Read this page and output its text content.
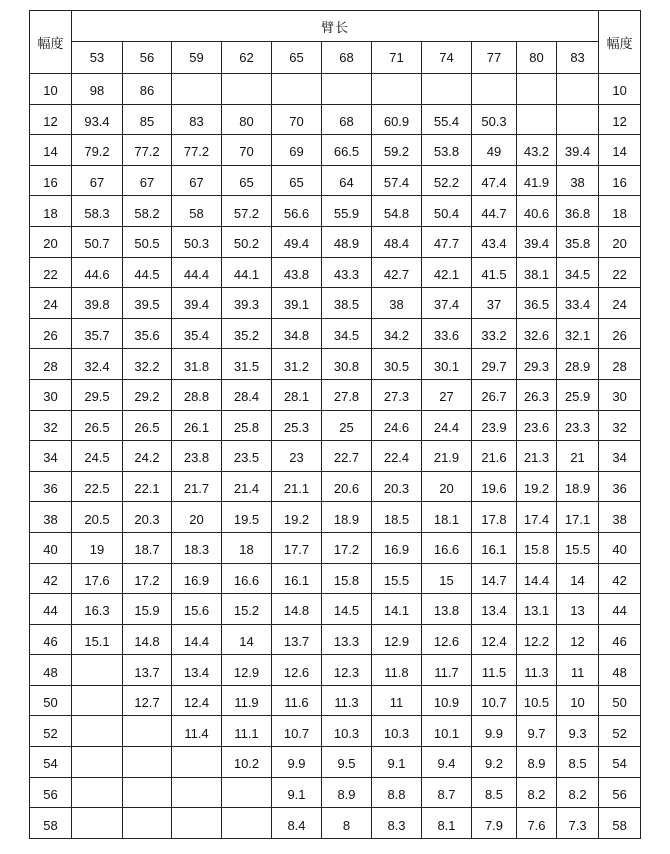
幅度	臂长											幅度
	53	56	59	62	65	68	71	74	77	80	83	
10	98	86										10
12	93.4	85	83	80	70	68	60.9	55.4	50.3			12
14	79.2	77.2	77.2	70	69	66.5	59.2	53.8	49	43.2	39.4	14
16	67	67	67	65	65	64	57.4	52.2	47.4	41.9	38	16
18	58.3	58.2	58	57.2	56.6	55.9	54.8	50.4	44.7	40.6	36.8	18
20	50.7	50.5	50.3	50.2	49.4	48.9	48.4	47.7	43.4	39.4	35.8	20
22	44.6	44.5	44.4	44.1	43.8	43.3	42.7	42.1	41.5	38.1	34.5	22
24	39.8	39.5	39.4	39.3	39.1	38.5	38	37.4	37	36.5	33.4	24
26	35.7	35.6	35.4	35.2	34.8	34.5	34.2	33.6	33.2	32.6	32.1	26
28	32.4	32.2	31.8	31.5	31.2	30.8	30.5	30.1	29.7	29.3	28.9	28
30	29.5	29.2	28.8	28.4	28.1	27.8	27.3	27	26.7	26.3	25.9	30
32	26.5	26.5	26.1	25.8	25.3	25	24.6	24.4	23.9	23.6	23.3	32
34	24.5	24.2	23.8	23.5	23	22.7	22.4	21.9	21.6	21.3	21	34
36	22.5	22.1	21.7	21.4	21.1	20.6	20.3	20	19.6	19.2	18.9	36
38	20.5	20.3	20	19.5	19.2	18.9	18.5	18.1	17.8	17.4	17.1	38
40	19	18.7	18.3	18	17.7	17.2	16.9	16.6	16.1	15.8	15.5	40
42	17.6	17.2	16.9	16.6	16.1	15.8	15.5	15	14.7	14.4	14	42
44	16.3	15.9	15.6	15.2	14.8	14.5	14.1	13.8	13.4	13.1	13	44
46	15.1	14.8	14.4	14	13.7	13.3	12.9	12.6	12.4	12.2	12	46
48		13.7	13.4	12.9	12.6	12.3	11.8	11.7	11.5	11.3	11	48
50		12.7	12.4	11.9	11.6	11.3	11	10.9	10.7	10.5	10	50
52			11.4	11.1	10.7	10.3	10.3	10.1	9.9	9.7	9.3	52
54				10.2	9.9	9.5	9.1	9.4	9.2	8.9	8.5	54
56					9.1	8.9	8.8	8.7	8.5	8.2	8.2	56
58					8.4	8	8.3	8.1	7.9	7.6	7.3	58
